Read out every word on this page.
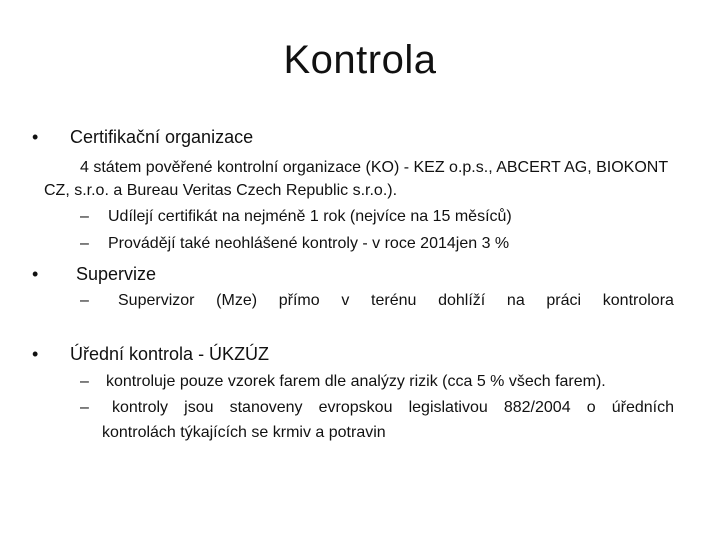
Kontrola
• Certifikační organizace
4 státem pověřené kontrolní organizace (KO) - KEZ o.p.s., ABCERT AG, BIOKONT
CZ, s.r.o. a Bureau Veritas Czech Republic s.r.o.).
– Udílejí certifikát na nejméně 1 rok (nejvíce na 15 měsíců)
– Provádějí také neohlášené kontroly - v roce 2014jen 3 %
• Supervize
– Supervizor (Mze) přímo v terénu dohlíží na práci kontrolora
• Úřední kontrola - ÚKZÚZ
– kontroluje pouze vzorek farem dle analýzy rizik (cca 5 % všech farem).
– kontroly jsou stanoveny evropskou legislativou 882/2004 o úředních
kontrolách týkajících se krmiv a potravin
